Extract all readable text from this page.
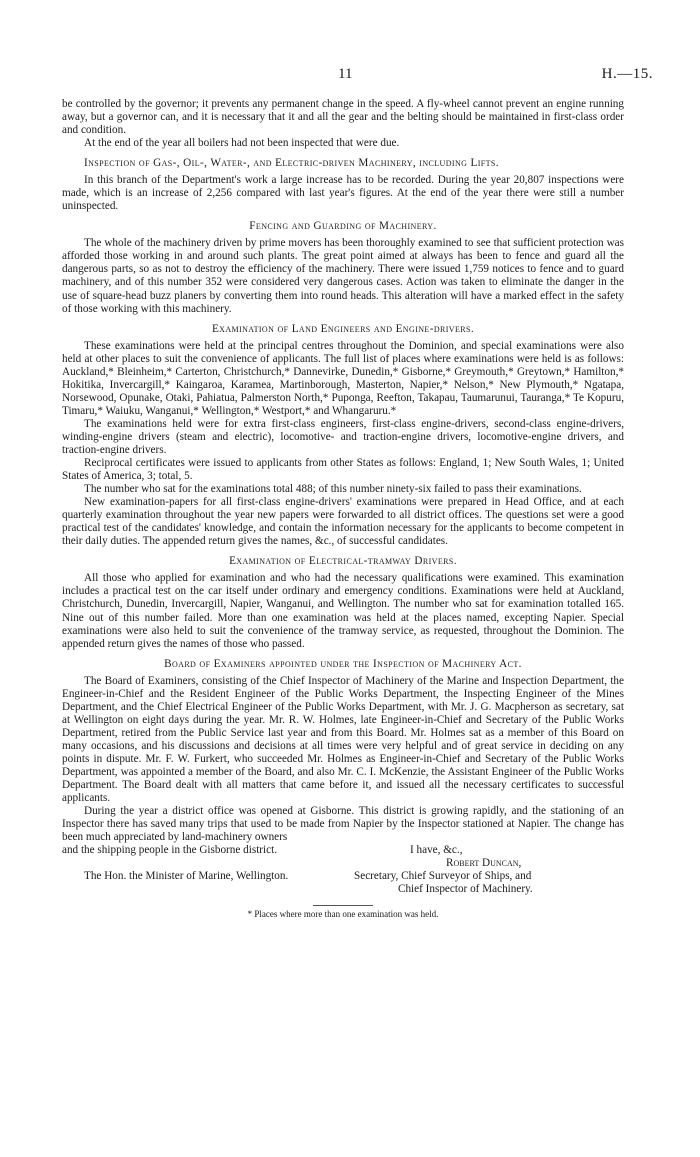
11	H.—15.

be controlled by the governor; it prevents any permanent change in the speed. A fly-wheel cannot prevent an engine running away, but a governor can, and it is necessary that it and all the gear and the belting should be maintained in first-class order and condition.

At the end of the year all boilers had not been inspected that were due.

Inspection of Gas-, Oil-, Water-, and Electric-driven Machinery, including Lifts.

In this branch of the Department's work a large increase has to be recorded. During the year 20,807 inspections were made, which is an increase of 2,256 compared with last year's figures. At the end of the year there were still a number uninspected.

Fencing and Guarding of Machinery.

The whole of the machinery driven by prime movers has been thoroughly examined to see that sufficient protection was afforded those working in and around such plants. The great point aimed at always has been to fence and guard all the dangerous parts, so as not to destroy the efficiency of the machinery. There were issued 1,759 notices to fence and to guard machinery, and of this number 352 were considered very dangerous cases. Action was taken to eliminate the danger in the use of square-head buzz planers by converting them into round heads. This alteration will have a marked effect in the safety of those working with this machinery.

Examination of Land Engineers and Engine-drivers.

These examinations were held at the principal centres throughout the Dominion, and special examinations were also held at other places to suit the convenience of applicants. The full list of places where examinations were held is as follows: Auckland,* Bleinheim,* Carterton, Christchurch,* Dannevirke, Dunedin,* Gisborne,* Greymouth,* Greytown,* Hamilton,* Hokitika, Invercargill,* Kaingaroa, Karamea, Martinborough, Masterton, Napier,* Nelson,* New Plymouth,* Ngatapa, Norsewood, Opunake, Otaki, Pahiatua, Palmerston North,* Puponga, Reefton, Takapau, Taumarunui, Tauranga,* Te Kopuru, Timaru,* Waiuku, Wanganui,* Wellington,* Westport,* and Whangaruru.*

The examinations held were for extra first-class engineers, first-class engine-drivers, second-class engine-drivers, winding-engine drivers (steam and electric), locomotive- and traction-engine drivers, locomotive-engine drivers, and traction-engine drivers.

Reciprocal certificates were issued to applicants from other States as follows: England, 1; New South Wales, 1; United States of America, 3; total, 5.

The number who sat for the examinations total 488; of this number ninety-six failed to pass their examinations.

New examination-papers for all first-class engine-drivers' examinations were prepared in Head Office, and at each quarterly examination throughout the year new papers were forwarded to all district offices. The questions set were a good practical test of the candidates' knowledge, and contain the information necessary for the applicants to become competent in their daily duties. The appended return gives the names, &c., of successful candidates.

Examination of Electrical-tramway Drivers.

All those who applied for examination and who had the necessary qualifications were examined. This examination includes a practical test on the car itself under ordinary and emergency conditions. Examinations were held at Auckland, Christchurch, Dunedin, Invercargill, Napier, Wanganui, and Wellington. The number who sat for examination totalled 165. Nine out of this number failed. More than one examination was held at the places named, excepting Napier. Special examinations were also held to suit the convenience of the tramway service, as requested, throughout the Dominion. The appended return gives the names of those who passed.

Board of Examiners appointed under the Inspection of Machinery Act.

The Board of Examiners, consisting of the Chief Inspector of Machinery of the Marine and Inspection Department, the Engineer-in-Chief and the Resident Engineer of the Public Works Department, the Inspecting Engineer of the Mines Department, and the Chief Electrical Engineer of the Public Works Department, with Mr. J. G. Macpherson as secretary, sat at Wellington on eight days during the year. Mr. R. W. Holmes, late Engineer-in-Chief and Secretary of the Public Works Department, retired from the Public Service last year and from this Board. Mr. Holmes sat as a member of this Board on many occasions, and his discussions and decisions at all times were very helpful and of great service in deciding on any points in dispute. Mr. F. W. Furkert, who succeeded Mr. Holmes as Engineer-in-Chief and Secretary of the Public Works Department, was appointed a member of the Board, and also Mr. C. I. McKenzie, the Assistant Engineer of the Public Works Department. The Board dealt with all matters that came before it, and issued all the necessary certificates to successful applicants.

During the year a district office was opened at Gisborne. This district is growing rapidly, and the stationing of an Inspector there has saved many trips that used to be made from Napier by the Inspector stationed at Napier. The change has been much appreciated by land-machinery owners

and the shipping people in the Gisborne district.	I have, &c.,
Robert Duncan,
The Hon. the Minister of Marine, Wellington.	Secretary, Chief Surveyor of Ships, and
Chief Inspector of Machinery.
* Places where more than one examination was held.
